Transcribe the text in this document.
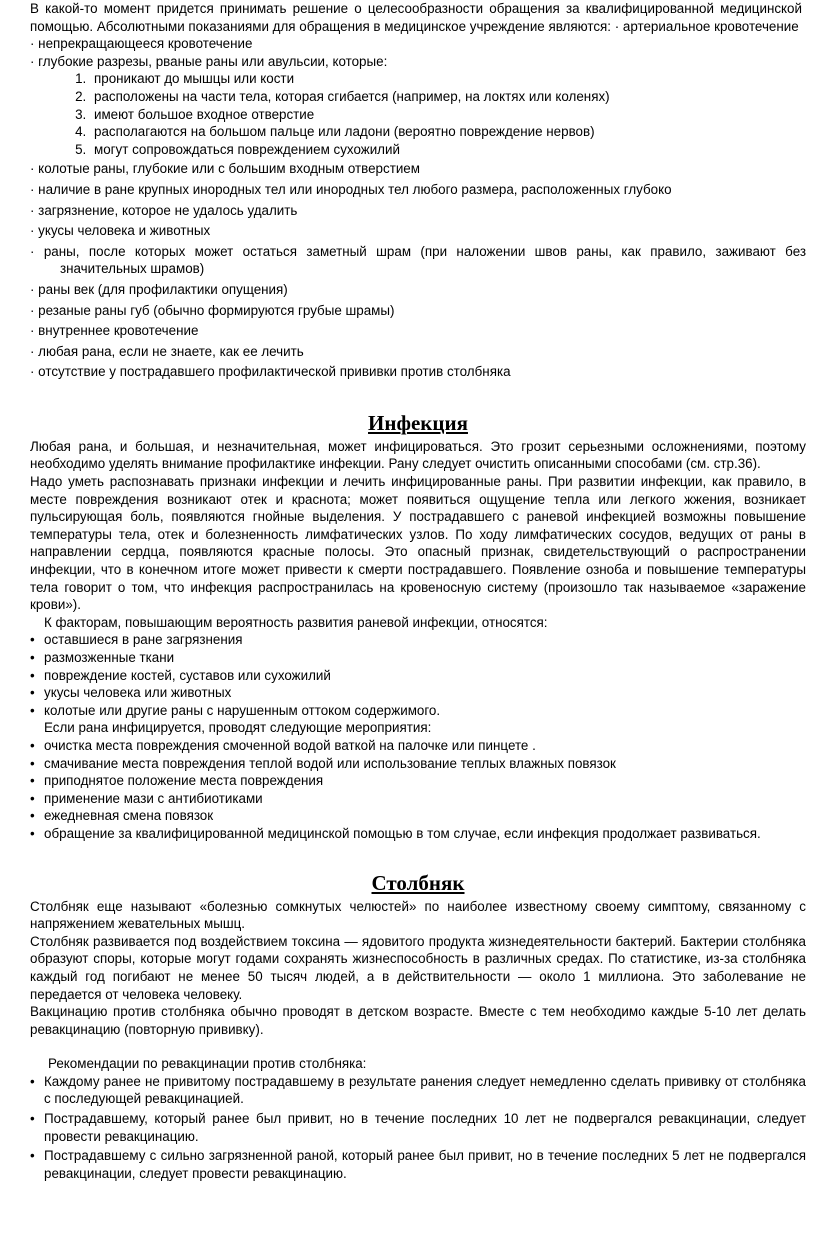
В какой-то момент придется принимать решение о целесообразности обращения за квалифицированной медицинской помощью. Абсолютными показаниями для обращения в медицинское учреждение являются: · артериальное кровотечение

· непрекращающееся кровотечение

· глубокие разрезы, рваные раны или авульсии, которые:

1. проникают до мышцы или кости
2. расположены на части тела, которая сгибается (например, на локтях или коленях)
3. имеют большое входное отверстие
4. располагаются на большом пальце или ладони (вероятно повреждение нервов)
5. могут сопровождаться повреждением сухожилий

· колотые раны, глубокие или с большим входным отверстием

· наличие в ране крупных инородных тел или инородных тел любого размера, расположенных глубоко

· загрязнение, которое не удалось удалить

· укусы человека и животных

· раны, после которых может остаться заметный шрам (при наложении швов раны, как правило, заживают без значительных шрамов)

· раны век (для профилактики опущения)

· резаные раны губ (обычно формируются грубые шрамы)

· внутреннее кровотечение

· любая рана, если не знаете, как ее лечить

· отсутствие у пострадавшего профилактической прививки против столбняка

Инфекция

Любая рана, и большая, и незначительная, может инфицироваться. Это грозит серьезными осложнениями, поэтому необходимо уделять внимание профилактике инфекции. Рану следует очистить описанными способами (см. стр.36).

Надо уметь распознавать признаки инфекции и лечить инфицированные раны. При развитии инфекции, как правило, в месте повреждения возникают отек и краснота; может появиться ощущение тепла или легкого жжения, возникает пульсирующая боль, появляются гнойные выделения. У пострадавшего с раневой инфекцией возможны повышение температуры тела, отек и болезненность лимфатических узлов. По ходу лимфатических сосудов, ведущих от раны в направлении сердца, появляются красные полосы. Это опасный признак, свидетельствующий о распространении инфекции, что в конечном итоге может привести к смерти пострадавшего. Появление озноба и повышение температуры тела говорит о том, что инфекция распространилась на кровеносную систему (произошло так называемое «заражение крови»).

К факторам, повышающим вероятность развития раневой инфекции, относятся:

• оставшиеся в ране загрязнения
• размозженные ткани
• повреждение костей, суставов или сухожилий
• укусы человека или животных
• колотые или другие раны с нарушенным оттоком содержимого.

Если рана инфицируется, проводят следующие мероприятия:

• очистка места повреждения смоченной водой ваткой на палочке или пинцете .
• смачивание места повреждения теплой водой или использование теплых влажных повязок
• приподнятое положение места повреждения
• применение мази с антибиотиками
• ежедневная смена повязок
• обращение за квалифицированной медицинской помощью в том случае, если инфекция продолжает развиваться.
Столбняк

Столбняк еще называют «болезнью сомкнутых челюстей» по наиболее известному своему симптому, связанному с напряжением жевательных мышц.

Столбняк развивается под воздействием токсина — ядовитого продукта жизнедеятельности бактерий. Бактерии столбняка образуют споры, которые могут годами сохранять жизнеспособность в различных средах. По статистике, из-за столбняка каждый год погибают не менее 50 тысяч людей, а в действительности — около 1 миллиона. Это заболевание не передается от человека человеку.

Вакцинацию против столбняка обычно проводят в детском возрасте. Вместе с тем необходимо каждые 5-10 лет делать ревакцинацию (повторную прививку).

Рекомендации по ревакцинации против столбняка:

• Каждому ранее не привитому пострадавшему в результате ранения следует немедленно сделать прививку от столбняка с последующей ревакцинацией.
• Пострадавшему, который ранее был привит, но в течение последних 10 лет не подвергался ревакцинации, следует провести ревакцинацию.
• Пострадавшему с сильно загрязненной раной, который ранее был привит, но в течение последних 5 лет не подвергался ревакцинации, следует провести ревакцинацию.
